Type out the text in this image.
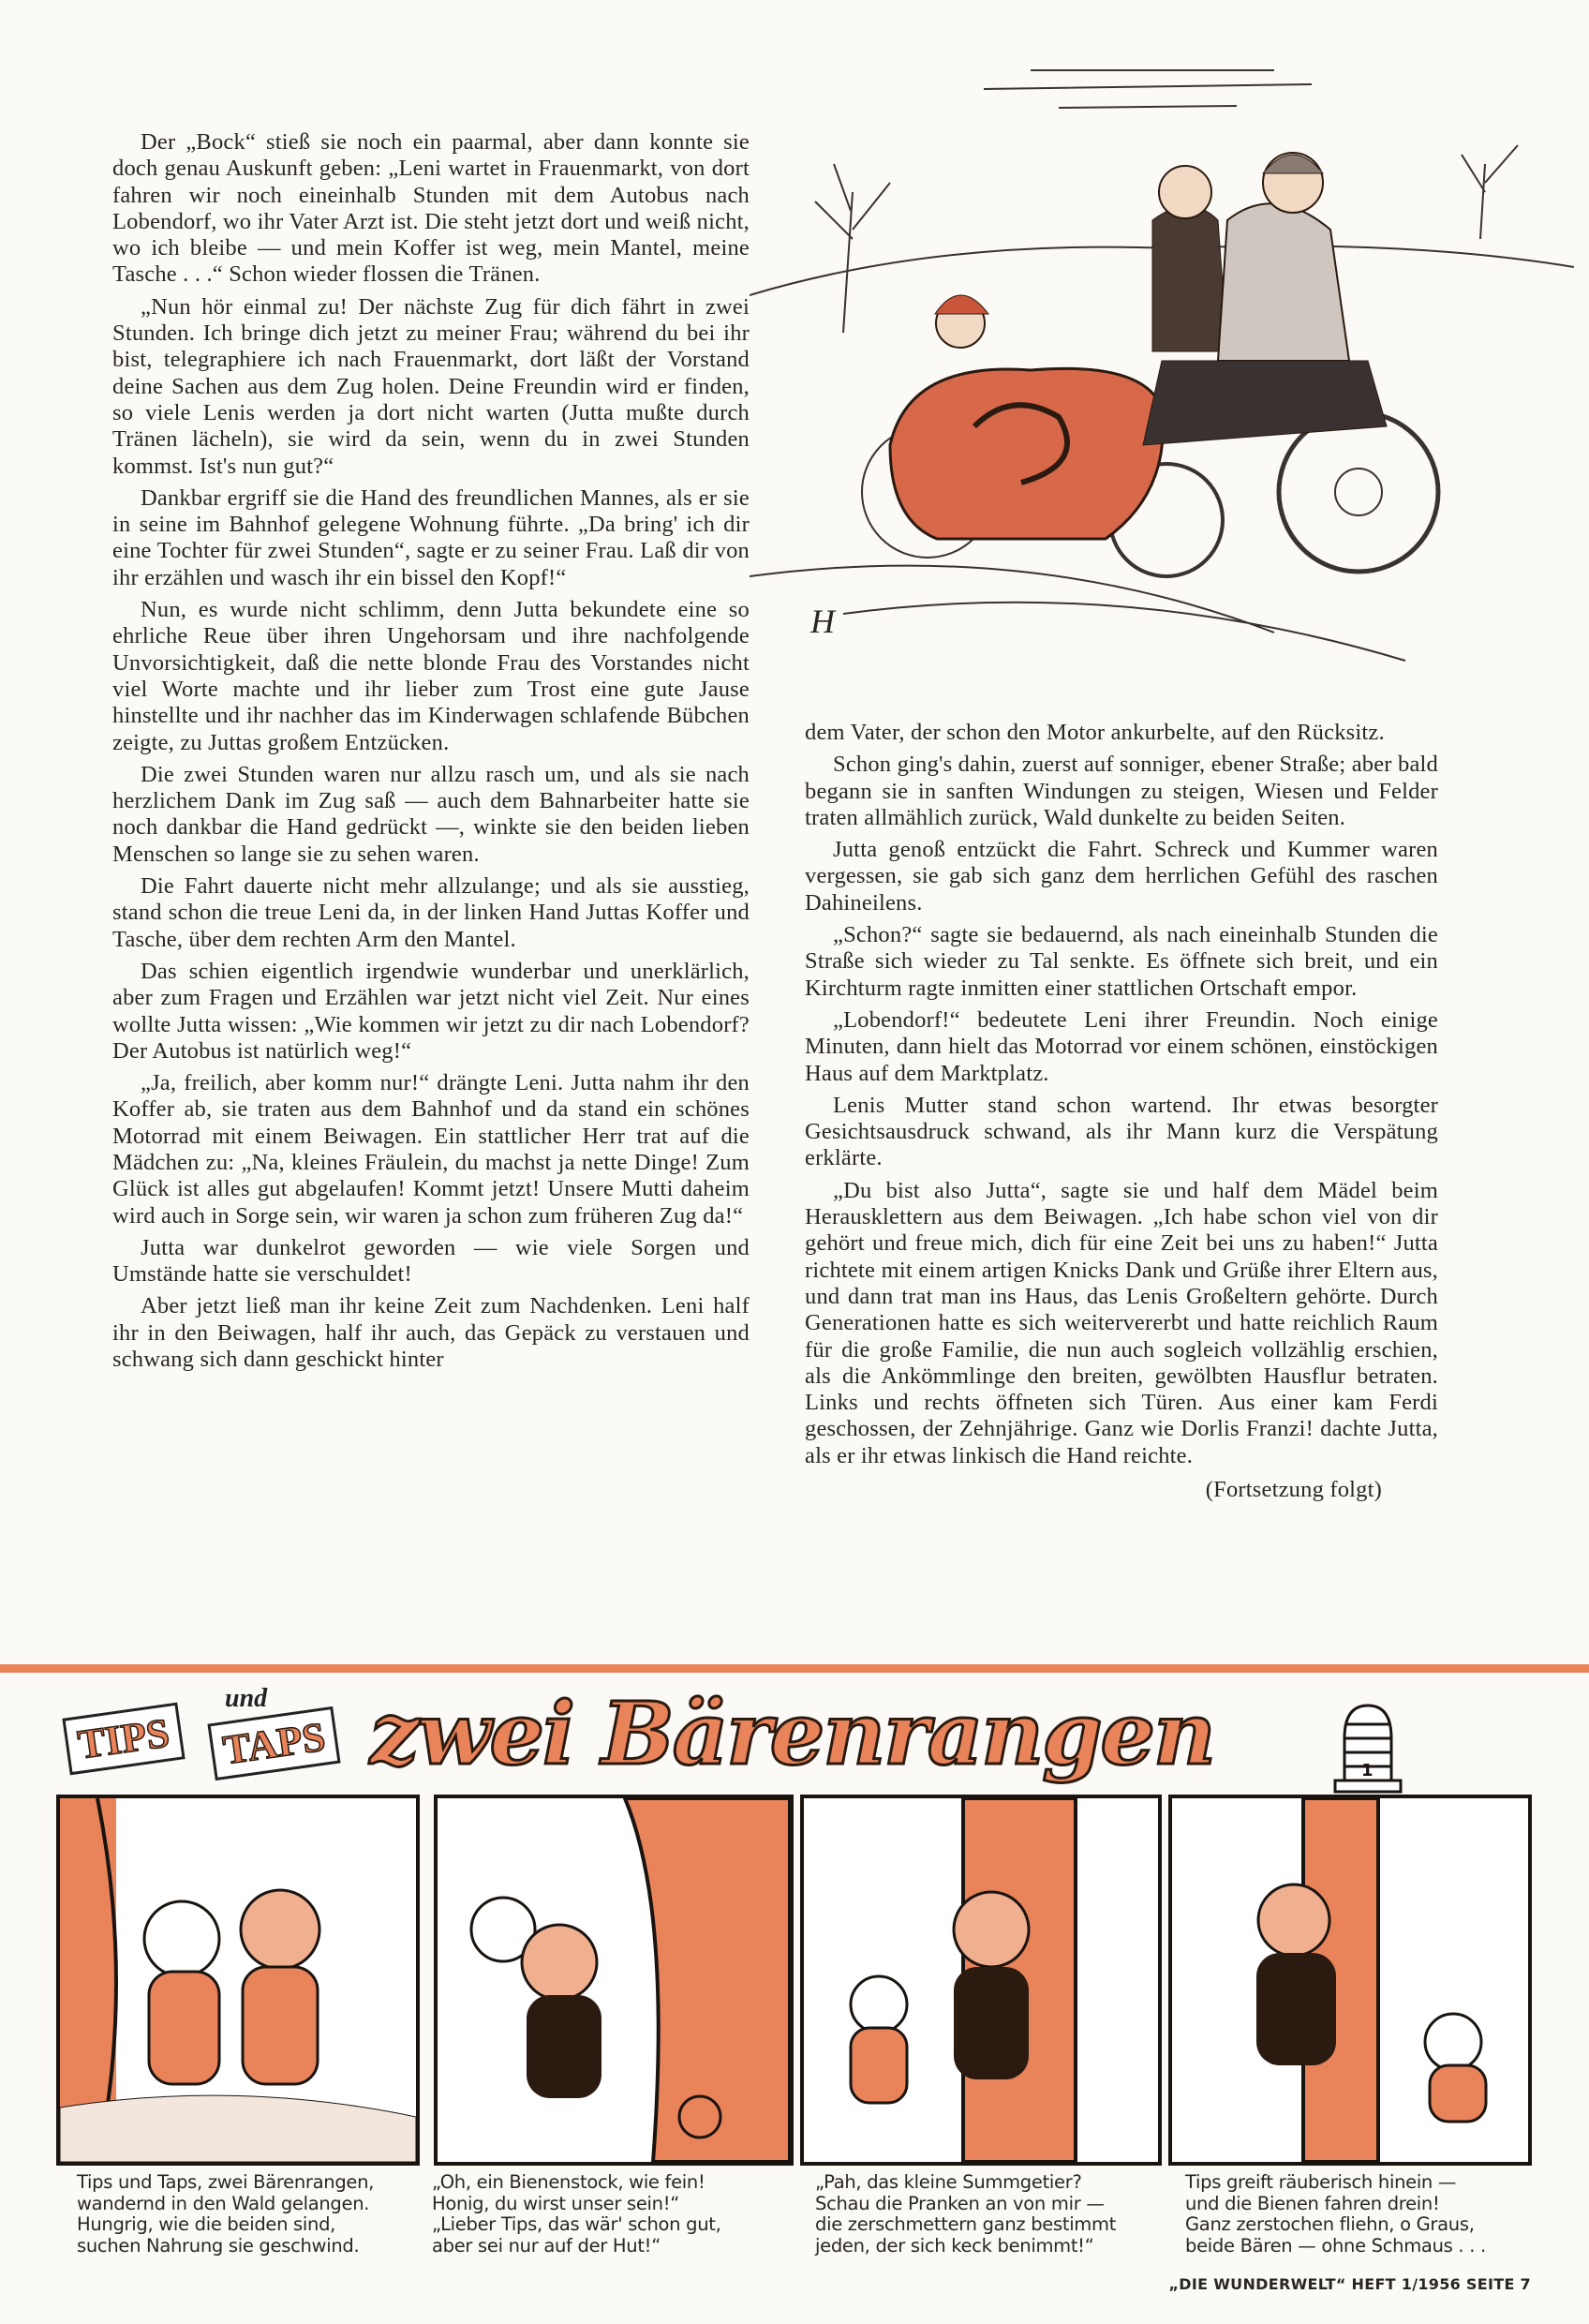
Der „Bock“ stieß sie noch ein paarmal, aber dann konnte sie doch genau Auskunft geben: „Leni wartet in Frauenmarkt, von dort fahren wir noch eineinhalb Stunden mit dem Autobus nach Lobendorf, wo ihr Vater Arzt ist. Die steht jetzt dort und weiß nicht, wo ich bleibe — und mein Koffer ist weg, mein Mantel, meine Tasche . . .“ Schon wieder flossen die Tränen.

„Nun hör einmal zu! Der nächste Zug für dich fährt in zwei Stunden. Ich bringe dich jetzt zu meiner Frau; während du bei ihr bist, telegraphiere ich nach Frauenmarkt, dort läßt der Vorstand deine Sachen aus dem Zug holen. Deine Freundin wird er finden, so viele Lenis werden ja dort nicht warten (Jutta mußte durch Tränen lächeln), sie wird da sein, wenn du in zwei Stunden kommst. Ist's nun gut?“

Dankbar ergriff sie die Hand des freundlichen Mannes, als er sie in seine im Bahnhof gelegene Wohnung führte. „Da bring' ich dir eine Tochter für zwei Stunden“, sagte er zu seiner Frau. Laß dir von ihr erzählen und wasch ihr ein bissel den Kopf!“

Nun, es wurde nicht schlimm, denn Jutta bekundete eine so ehrliche Reue über ihren Ungehorsam und ihre nachfolgende Unvorsichtigkeit, daß die nette blonde Frau des Vorstandes nicht viel Worte machte und ihr lieber zum Trost eine gute Jause hinstellte und ihr nachher das im Kinderwagen schlafende Bübchen zeigte, zu Juttas großem Entzücken.

Die zwei Stunden waren nur allzu rasch um, und als sie nach herzlichem Dank im Zug saß — auch dem Bahnarbeiter hatte sie noch dankbar die Hand gedrückt —, winkte sie den beiden lieben Menschen so lange sie zu sehen waren.

Die Fahrt dauerte nicht mehr allzulange; und als sie ausstieg, stand schon die treue Leni da, in der linken Hand Juttas Koffer und Tasche, über dem rechten Arm den Mantel.

Das schien eigentlich irgendwie wunderbar und unerklärlich, aber zum Fragen und Erzählen war jetzt nicht viel Zeit. Nur eines wollte Jutta wissen: „Wie kommen wir jetzt zu dir nach Lobendorf? Der Autobus ist natürlich weg!“

„Ja, freilich, aber komm nur!“ drängte Leni. Jutta nahm ihr den Koffer ab, sie traten aus dem Bahnhof und da stand ein schönes Motorrad mit einem Beiwagen. Ein stattlicher Herr trat auf die Mädchen zu: „Na, kleines Fräulein, du machst ja nette Dinge! Zum Glück ist alles gut abgelaufen! Kommt jetzt! Unsere Mutti daheim wird auch in Sorge sein, wir waren ja schon zum früheren Zug da!“

Jutta war dunkelrot geworden — wie viele Sorgen und Umstände hatte sie verschuldet!

Aber jetzt ließ man ihr keine Zeit zum Nachdenken. Leni half ihr in den Beiwagen, half ihr auch, das Gepäck zu verstauen und schwang sich dann geschickt hinter

H

dem Vater, der schon den Motor ankurbelte, auf den Rücksitz.

Schon ging's dahin, zuerst auf sonniger, ebener Straße; aber bald begann sie in sanften Windungen zu steigen, Wiesen und Felder traten allmählich zurück, Wald dunkelte zu beiden Seiten.

Jutta genoß entzückt die Fahrt. Schreck und Kummer waren vergessen, sie gab sich ganz dem herrlichen Gefühl des raschen Dahineilens.

„Schon?“ sagte sie bedauernd, als nach eineinhalb Stunden die Straße sich wieder zu Tal senkte. Es öffnete sich breit, und ein Kirchturm ragte inmitten einer stattlichen Ortschaft empor.

„Lobendorf!“ bedeutete Leni ihrer Freundin. Noch einige Minuten, dann hielt das Motorrad vor einem schönen, einstöckigen Haus auf dem Marktplatz.

Lenis Mutter stand schon wartend. Ihr etwas besorgter Gesichtsausdruck schwand, als ihr Mann kurz die Verspätung erklärte.

„Du bist also Jutta“, sagte sie und half dem Mädel beim Herausklettern aus dem Beiwagen. „Ich habe schon viel von dir gehört und freue mich, dich für eine Zeit bei uns zu haben!“ Jutta richtete mit einem artigen Knicks Dank und Grüße ihrer Eltern aus, und dann trat man ins Haus, das Lenis Großeltern gehörte. Durch Generationen hatte es sich weitervererbt und hatte reichlich Raum für die große Familie, die nun auch sogleich vollzählig erschien, als die Ankömmlinge den breiten, gewölbten Hausflur betraten. Links und rechts öffneten sich Türen. Aus einer kam Ferdi geschossen, der Zehnjährige. Ganz wie Dorlis Franzi! dachte Jutta, als er ihr etwas linkisch die Hand reichte.

(Fortsetzung folgt)
TIPS
und
TAPS zwei Bärenrangen	1
Tips und Taps, zwei Bärenrangen,
wandernd in den Wald gelangen.
Hungrig, wie die beiden sind,
suchen Nahrung sie geschwind.
„Oh, ein Bienenstock, wie fein!
Honig, du wirst unser sein!“
„Lieber Tips, das wär' schon gut,
aber sei nur auf der Hut!“
„Pah, das kleine Summgetier?
Schau die Pranken an von mir —
die zerschmettern ganz bestimmt
jeden, der sich keck benimmt!“
Tips greift räuberisch hinein —
und die Bienen fahren drein!
Ganz zerstochen fliehn, o Graus,
beide Bären — ohne Schmaus . . .
„DIE WUNDERWELT“ HEFT 1/1956 SEITE 7
